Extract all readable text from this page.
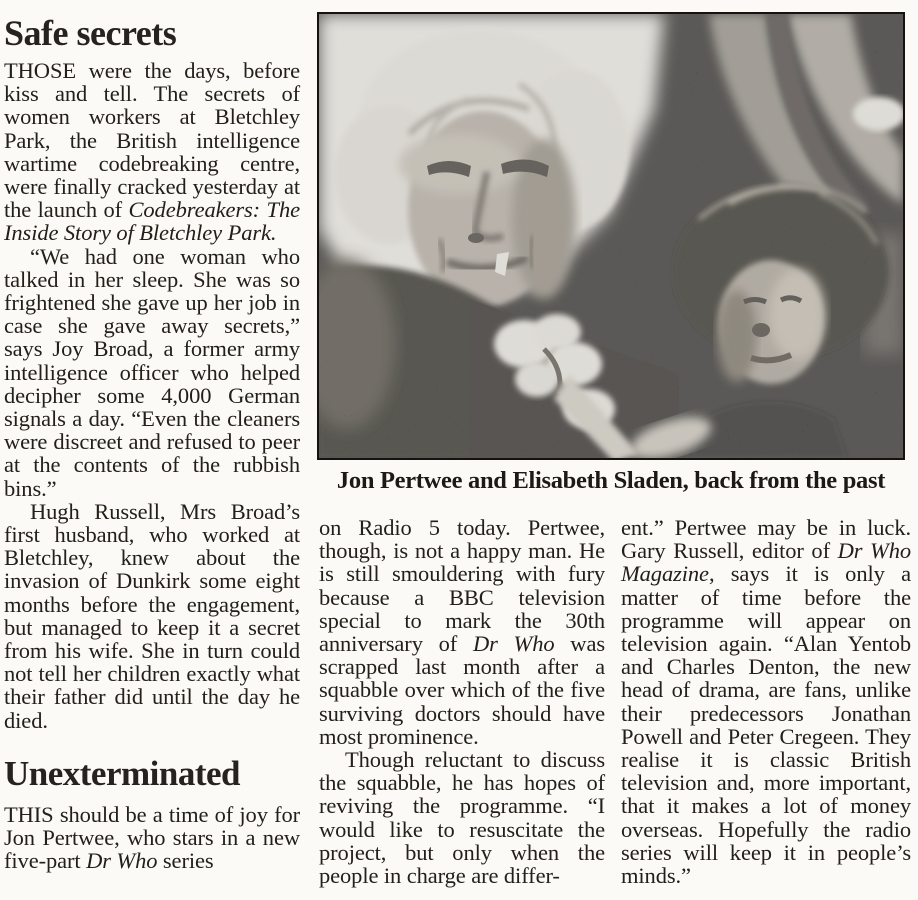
Safe secrets

THOSE were the days, before kiss and tell. The secrets of women workers at Bletchley Park, the British intelligence wartime codebreaking centre, were finally cracked yesterday at the launch of Codebreakers: The Inside Story of Bletchley Park.

“We had one woman who talked in her sleep. She was so frightened she gave up her job in case she gave away secrets,” says Joy Broad, a former army intelligence officer who helped decipher some 4,000 German signals a day. “Even the cleaners were discreet and refused to peer at the contents of the rubbish bins.”

Hugh Russell, Mrs Broad’s first husband, who worked at Bletchley, knew about the invasion of Dunkirk some eight months before the engagement, but managed to keep it a secret from his wife. She in turn could not tell her children exactly what their father did until the day he died.

Unexterminated

THIS should be a time of joy for Jon Pertwee, who stars in a new five-part Dr Who series

Jon Pertwee and Elisabeth Sladen, back from the past

on Radio 5 today. Pertwee, though, is not a happy man. He is still smouldering with fury because a BBC television special to mark the 30th anniversary of Dr Who was scrapped last month after a squabble over which of the five surviving doctors should have most prominence.

Though reluctant to discuss the squabble, he has hopes of reviving the programme. “I would like to resuscitate the project, but only when the people in charge are differ-

ent.” Pertwee may be in luck. Gary Russell, editor of Dr Who Magazine, says it is only a matter of time before the programme will appear on television again. “Alan Yentob and Charles Denton, the new head of drama, are fans, unlike their predecessors Jonathan Powell and Peter Cregeen. They realise it is classic British television and, more important, that it makes a lot of money overseas. Hopefully the radio series will keep it in people’s minds.”
